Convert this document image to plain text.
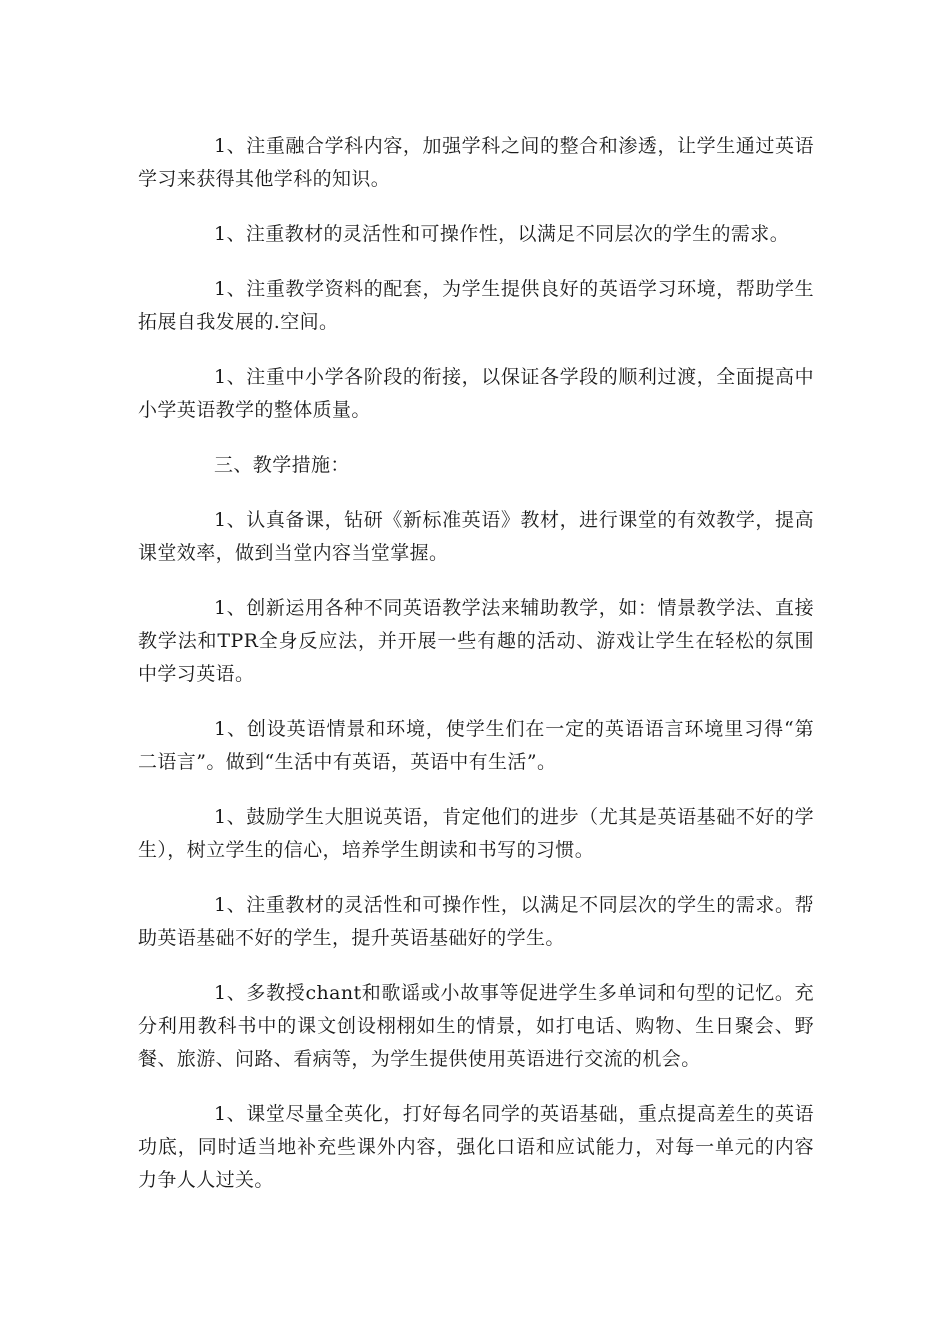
1、注重融合学科内容，加强学科之间的整合和渗透，让学生通过英语学习来获得其他学科的知识。

1、注重教材的灵活性和可操作性，以满足不同层次的学生的需求。

1、注重教学资料的配套，为学生提供良好的英语学习环境，帮助学生拓展自我发展的.空间。

1、注重中小学各阶段的衔接，以保证各学段的顺利过渡，全面提高中小学英语教学的整体质量。

三、教学措施：

1、认真备课，钻研《新标准英语》教材，进行课堂的有效教学，提高课堂效率，做到当堂内容当堂掌握。

1、创新运用各种不同英语教学法来辅助教学，如：情景教学法、直接教学法和TPR全身反应法，并开展一些有趣的活动、游戏让学生在轻松的氛围中学习英语。

1、创设英语情景和环境，使学生们在一定的英语语言环境里习得“第二语言”。做到“生活中有英语，英语中有生活”。

1、鼓励学生大胆说英语，肯定他们的进步（尤其是英语基础不好的学生），树立学生的信心，培养学生朗读和书写的习惯。

1、注重教材的灵活性和可操作性，以满足不同层次的学生的需求。帮助英语基础不好的学生，提升英语基础好的学生。

1、多教授chant和歌谣或小故事等促进学生多单词和句型的记忆。充分利用教科书中的课文创设栩栩如生的情景，如打电话、购物、生日聚会、野餐、旅游、问路、看病等，为学生提供使用英语进行交流的机会。

1、课堂尽量全英化，打好每名同学的英语基础，重点提高差生的英语功底，同时适当地补充些课外内容，强化口语和应试能力，对每一单元的内容力争人人过关。
